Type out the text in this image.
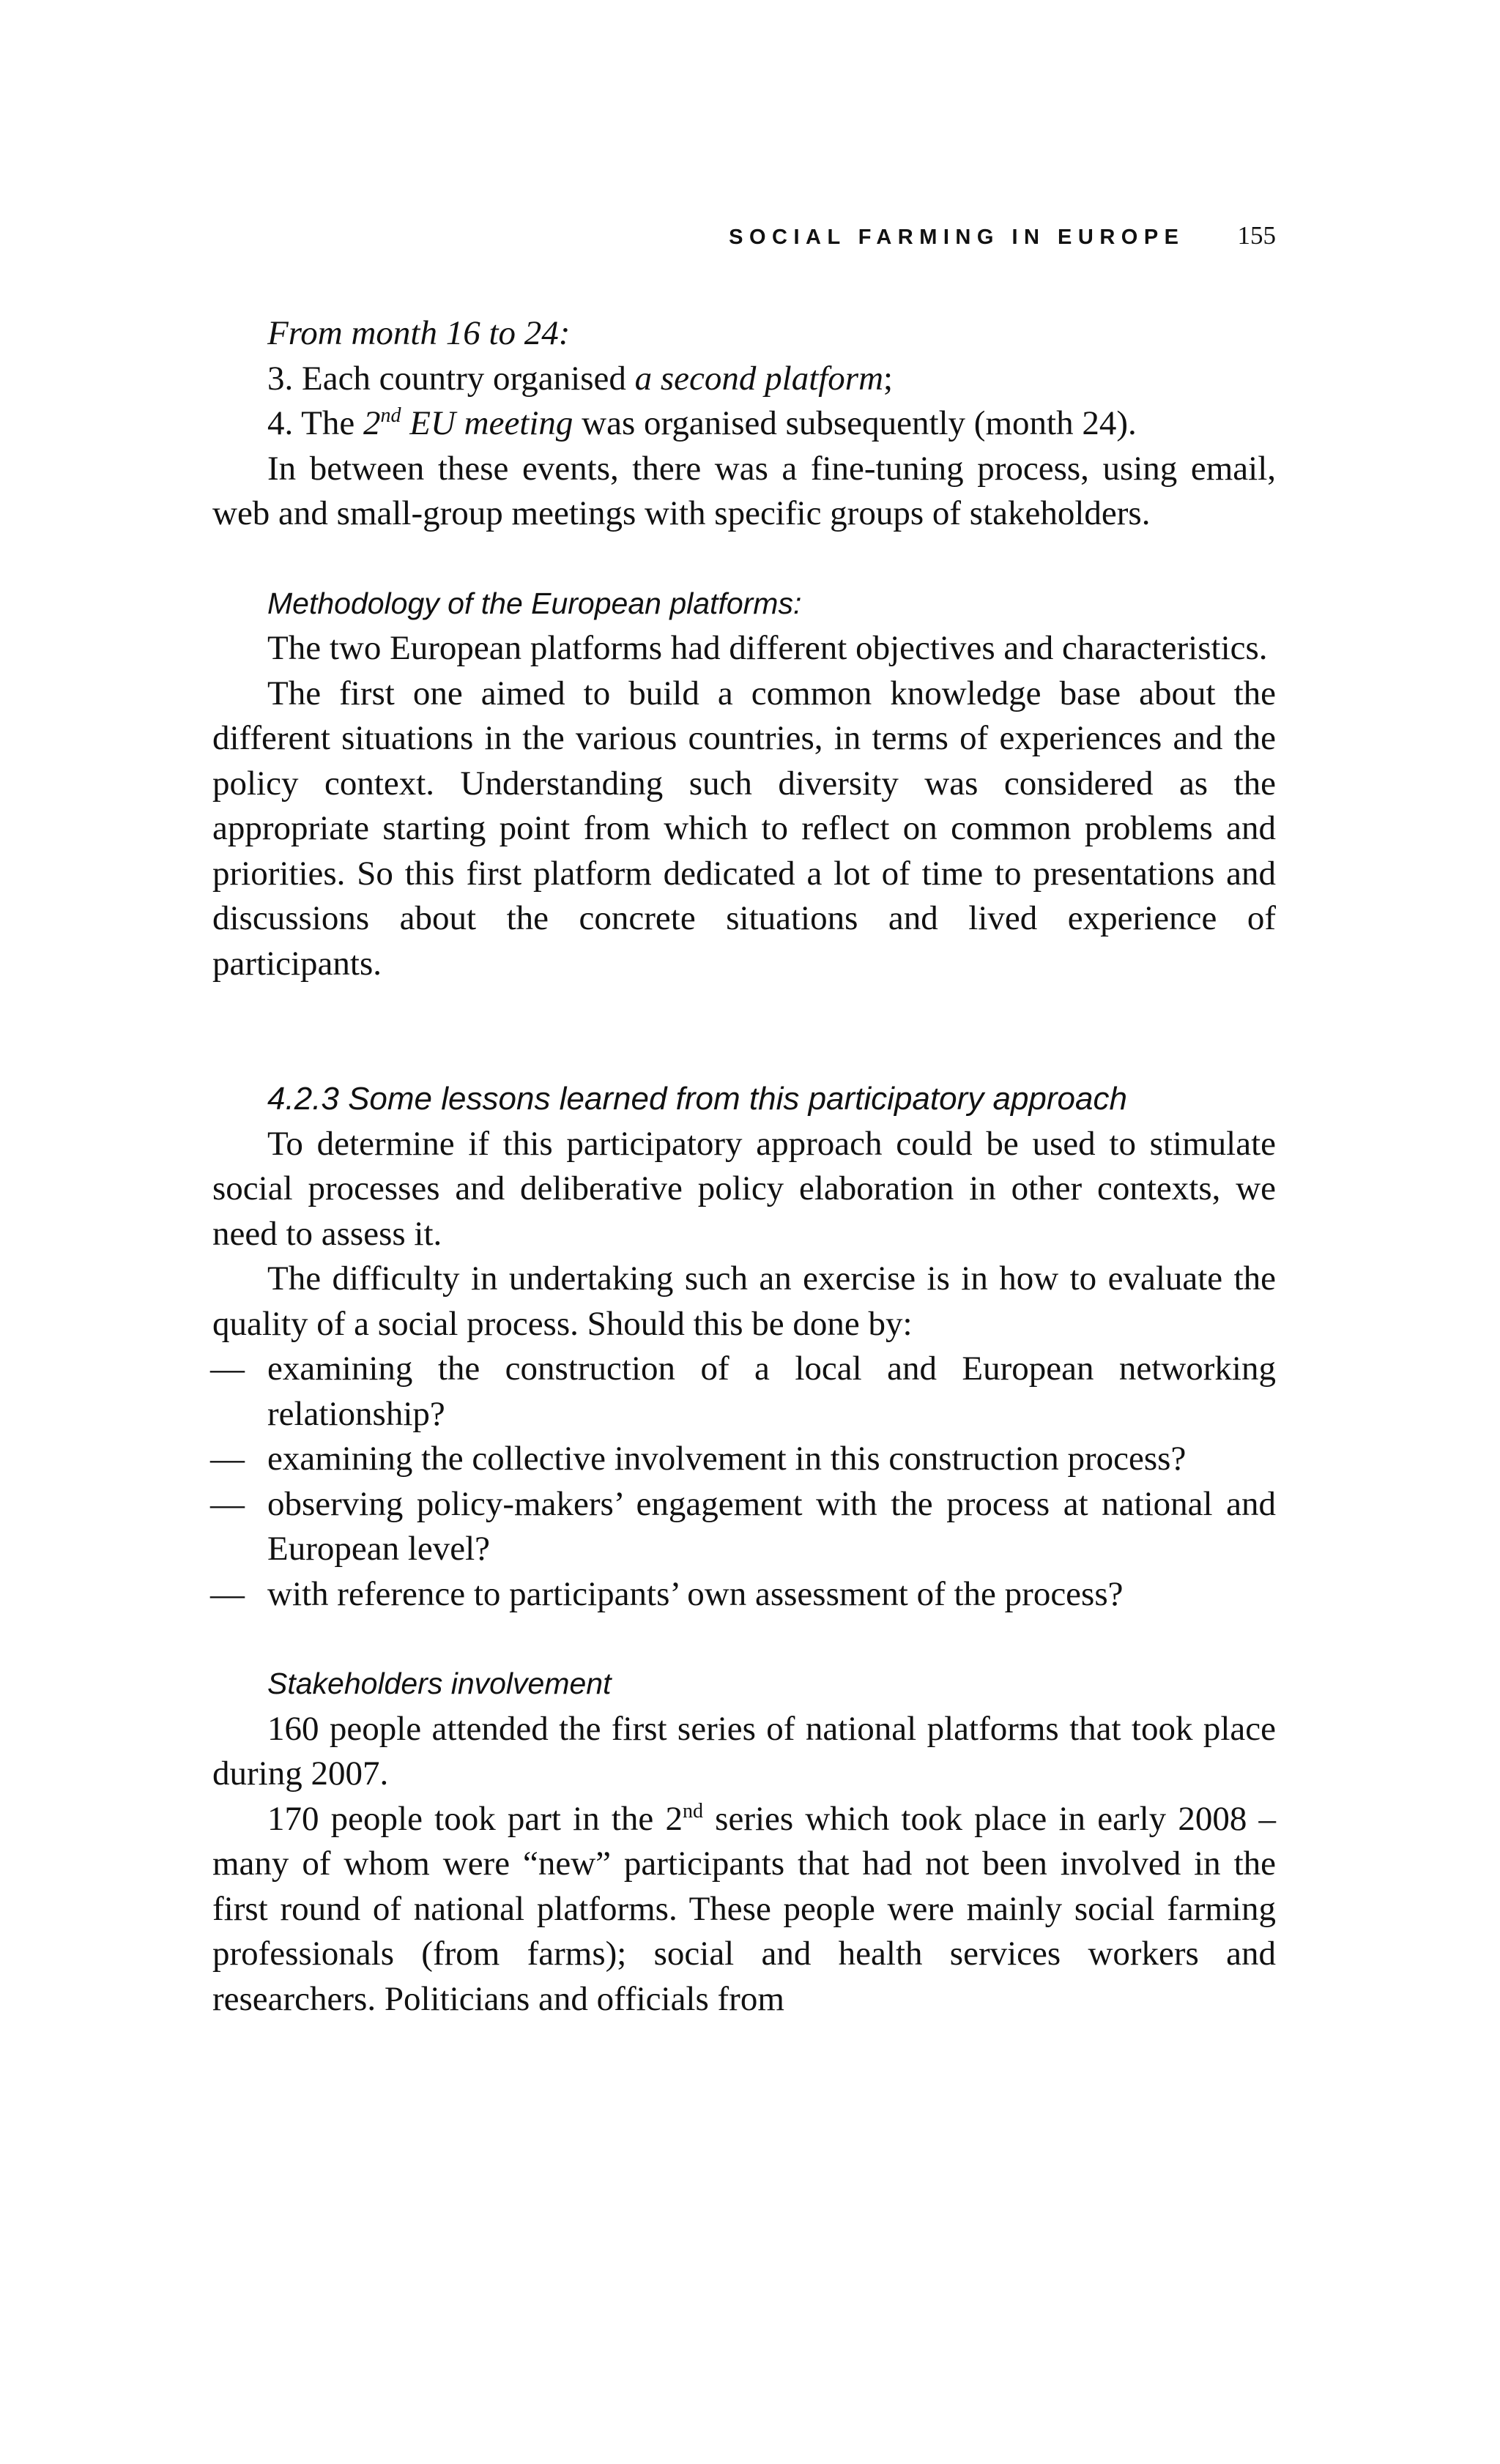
SOCIAL FARMING IN EUROPE 155

From month 16 to 24:

3. Each country organised a second platform;

4. The 2nd EU meeting was organised subsequently (month 24).

In between these events, there was a fine-tuning process, using email, web and small-group meetings with specific groups of stakeholders.

Methodology of the European platforms:

The two European platforms had different objectives and characteristics.

The first one aimed to build a common knowledge base about the different situations in the various countries, in terms of experiences and the policy context. Understanding such diversity was considered as the appropriate starting point from which to reflect on common problems and priorities. So this first platform dedicated a lot of time to presentations and discussions about the concrete situations and lived experience of participants.

4.2.3 Some lessons learned from this participatory approach

To determine if this participatory approach could be used to stimulate social processes and deliberative policy elaboration in other contexts, we need to assess it.

The difficulty in undertaking such an exercise is in how to evaluate the quality of a social process. Should this be done by:

— examining the construction of a local and European networking relationship?
— examining the collective involvement in this construction process?
— observing policy-makers’ engagement with the process at national and European level?
— with reference to participants’ own assessment of the process?

Stakeholders involvement

160 people attended the first series of national platforms that took place during 2007.

170 people took part in the 2nd series which took place in early 2008 – many of whom were “new” participants that had not been involved in the first round of national platforms. These people were mainly social farming professionals (from farms); social and health services workers and researchers. Politicians and officials from
